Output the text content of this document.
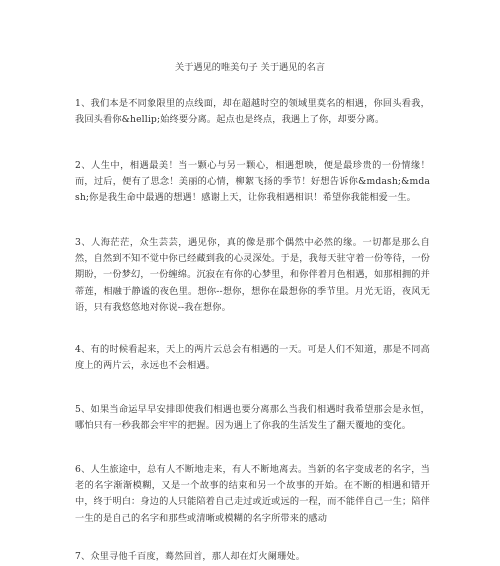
关于遇见的唯美句子 关于遇见的名言

1、我们本是不同象限里的点线面，却在超越时空的领域里莫名的相遇，你回头看我，我回头看你&hellip;始终要分离。起点也是终点，我遇上了你，却要分离。

2、人生中，相遇最美！当一颗心与另一颗心，相遇想映，便是最珍贵的一份情缘！而，过后，便有了思念！美丽的心情，柳絮飞扬的季节！好想告诉你&mdash;&mdash;你是我生命中最遇的想遇！感谢上天，让你我相遇相识！希望你我能相爱一生。

3、人海茫茫，众生芸芸，遇见你，真的像是那个偶然中必然的缘。一切都是那么自然，自然到不知不觉中你已经藏到我的心灵深处。于是，我每天驻守着一份等待，一份期盼，一份梦幻，一份缠绵。沉寂在有你的心梦里，和你伴着月色相遇，如那相拥的并蒂莲，相融于静谧的夜色里。想你--想你，想你在最想你的季节里。月光无语，夜风无语，只有我悠悠地对你说--我在想你。

4、有的时候看起来，天上的两片云总会有相遇的一天。可是人们不知道，那是不同高度上的两片云，永远也不会相遇。

5、如果当命运早早安排即使我们相遇也要分离那么当我们相遇时我希望那会是永恒，哪怕只有一秒我都会牢牢的把握。因为遇上了你我的生活发生了翻天覆地的变化。

6、人生旅途中，总有人不断地走来，有人不断地离去。当新的名字变成老的名字，当老的名字渐渐模糊，又是一个故事的结束和另一个故事的开始。在不断的相遇和错开中，终于明白：身边的人只能陪着自己走过或近或远的一程，而不能伴自己一生；陪伴一生的是自己的名字和那些或清晰或模糊的名字所带来的感动

7、众里寻他千百度，蓦然回首，那人却在灯火阑珊处。
